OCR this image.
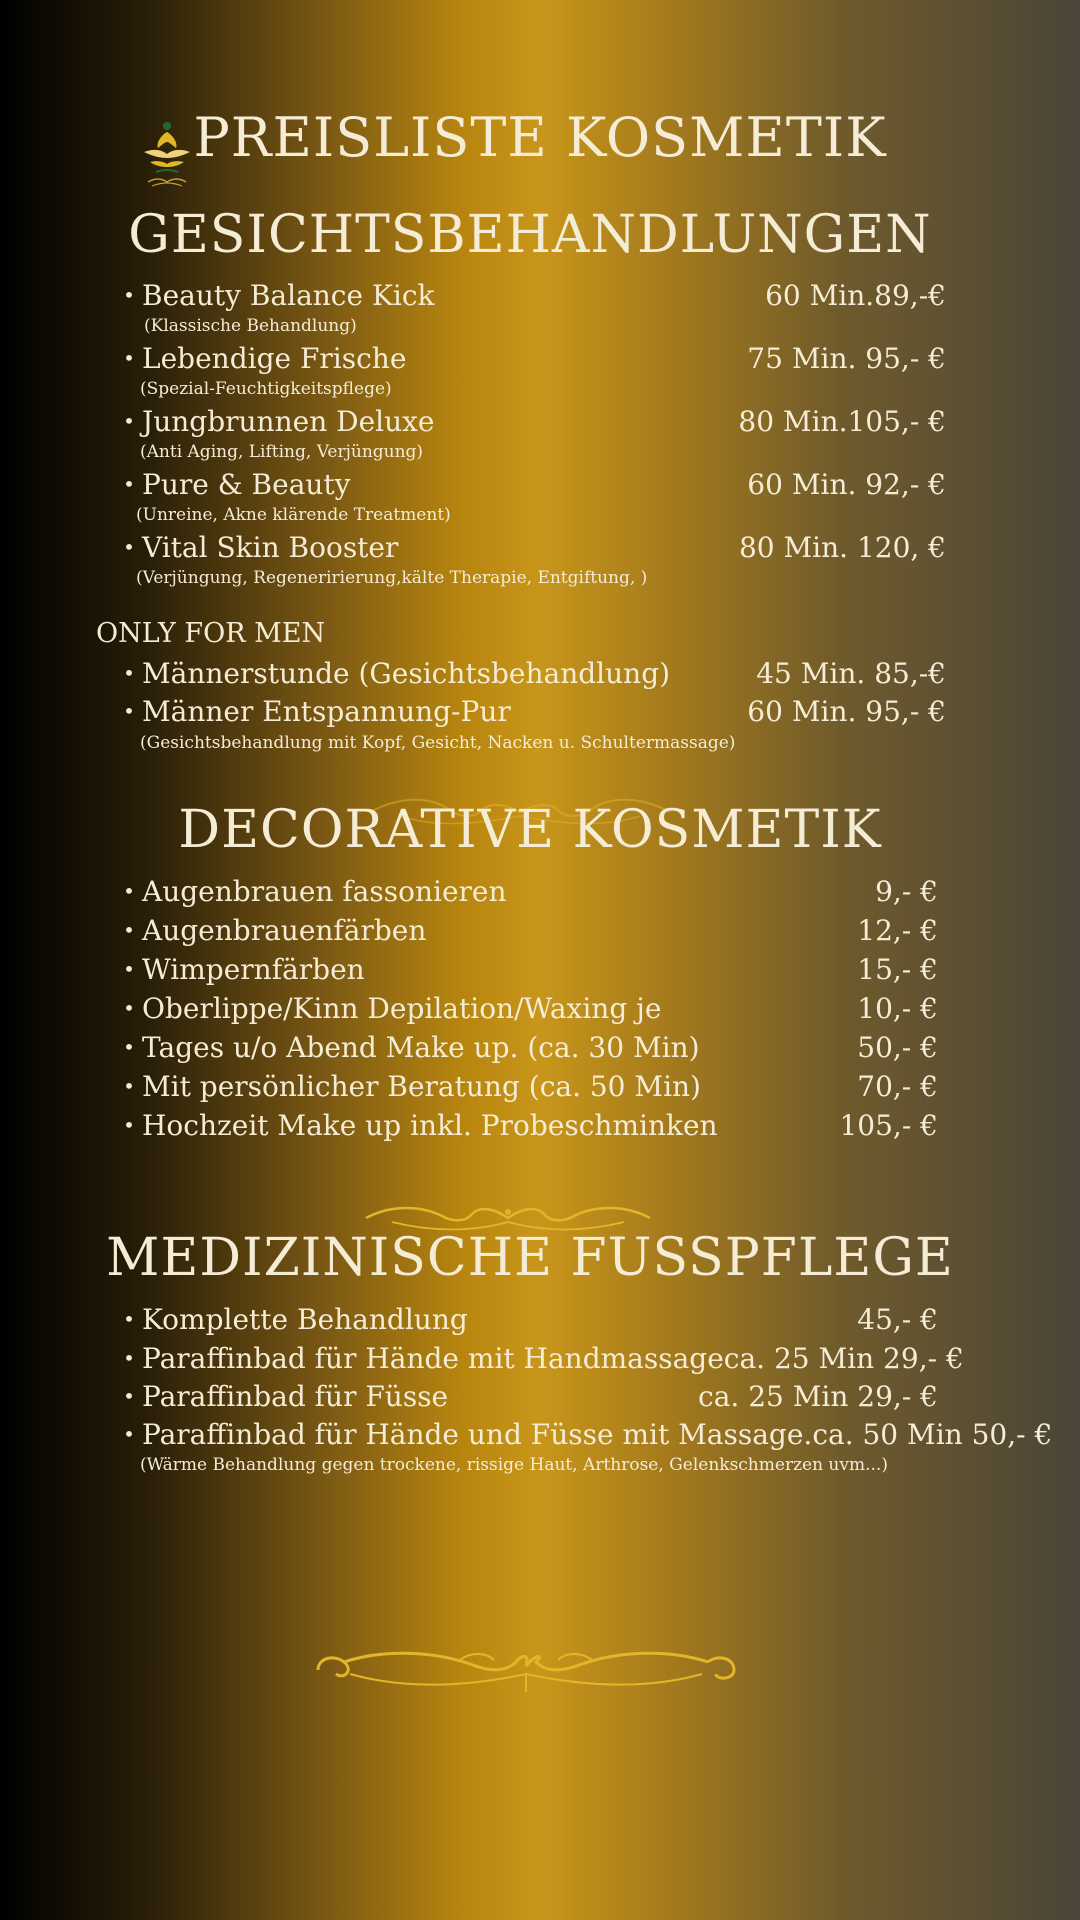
PREISLISTE KOSMETIK
GESICHTSBEHANDLUNGEN
• Beauty Balance Kick	60 Min.89,-€
(Klassische Behandlung)
• Lebendige Frische	75 Min. 95,- €
(Spezial-Feuchtigkeitspflege)
• Jungbrunnen Deluxe	80 Min.105,- €
(Anti Aging, Lifting, Verjüngung)
• Pure & Beauty	60 Min. 92,- €
(Unreine, Akne klärende Treatment)
• Vital Skin Booster	80 Min. 120, €
(Verjüngung, Regeneririerung,kälte Therapie, Entgiftung, )
ONLY FOR MEN
• Männerstunde (Gesichtsbehandlung)	45 Min. 85,-€
• Männer Entspannung-Pur	60 Min. 95,- €
(Gesichtsbehandlung mit Kopf, Gesicht, Nacken u. Schultermassage)
DECORATIVE KOSMETIK
• Augenbrauen fassonieren	9,- €
• Augenbrauenfärben	12,- €
• Wimpernfärben	15,- €
• Oberlippe/Kinn Depilation/Waxing je	10,- €
• Tages u/o Abend Make up. (ca. 30 Min)	50,- €
• Mit persönlicher Beratung (ca. 50 Min)	70,- €
• Hochzeit Make up inkl. Probeschminken	105,- €
MEDIZINISCHE FUSSPFLEGE
• Komplette Behandlung	45,- €
• Paraffinbad für Hände mit Handmassage ca. 25 Min 29,- €
• Paraffinbad für Füsse	ca. 25 Min 29,- €
• Paraffinbad für Hände und Füsse mit Massage. ca. 50 Min 50,- €
(Wärme Behandlung gegen trockene, rissige Haut, Arthrose, Gelenkschmerzen uvm...)
